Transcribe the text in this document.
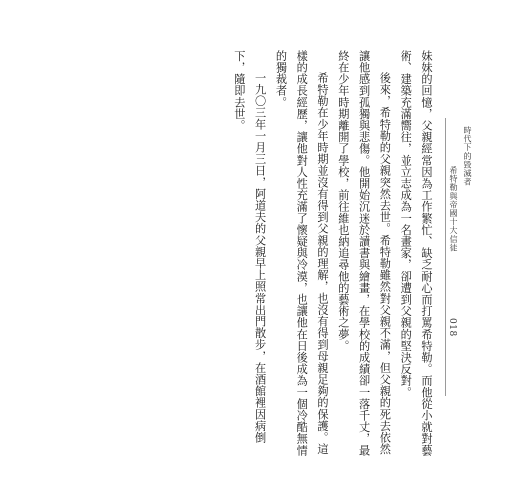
時代下的毀滅者
希特勒與帝國十大信徒
018

妹妹的回憶，父親經常因為工作繁忙、缺乏耐心而打罵希特勒。而他從小就對藝術、建築充滿嚮往，並立志成為一名畫家，卻遭到父親的堅決反對。

後來，希特勒的父親突然去世。希特勒雖然對父親不滿，但父親的死去依然讓他感到孤獨與悲傷。他開始沉迷於讀書與繪畫，在學校的成績卻一落千丈，最終在少年時期離開了學校，前往維也納追尋他的藝術之夢。

希特勒在少年時期並沒有得到父親的理解，也沒有得到母親足夠的保護。這樣的成長經歷，讓他對人性充滿了懷疑與冷漠，也讓他在日後成為一個冷酷無情的獨裁者。

一九〇三年一月三日，阿道夫的父親早上照常出門散步，在酒館裡因病倒下，隨即去世。
